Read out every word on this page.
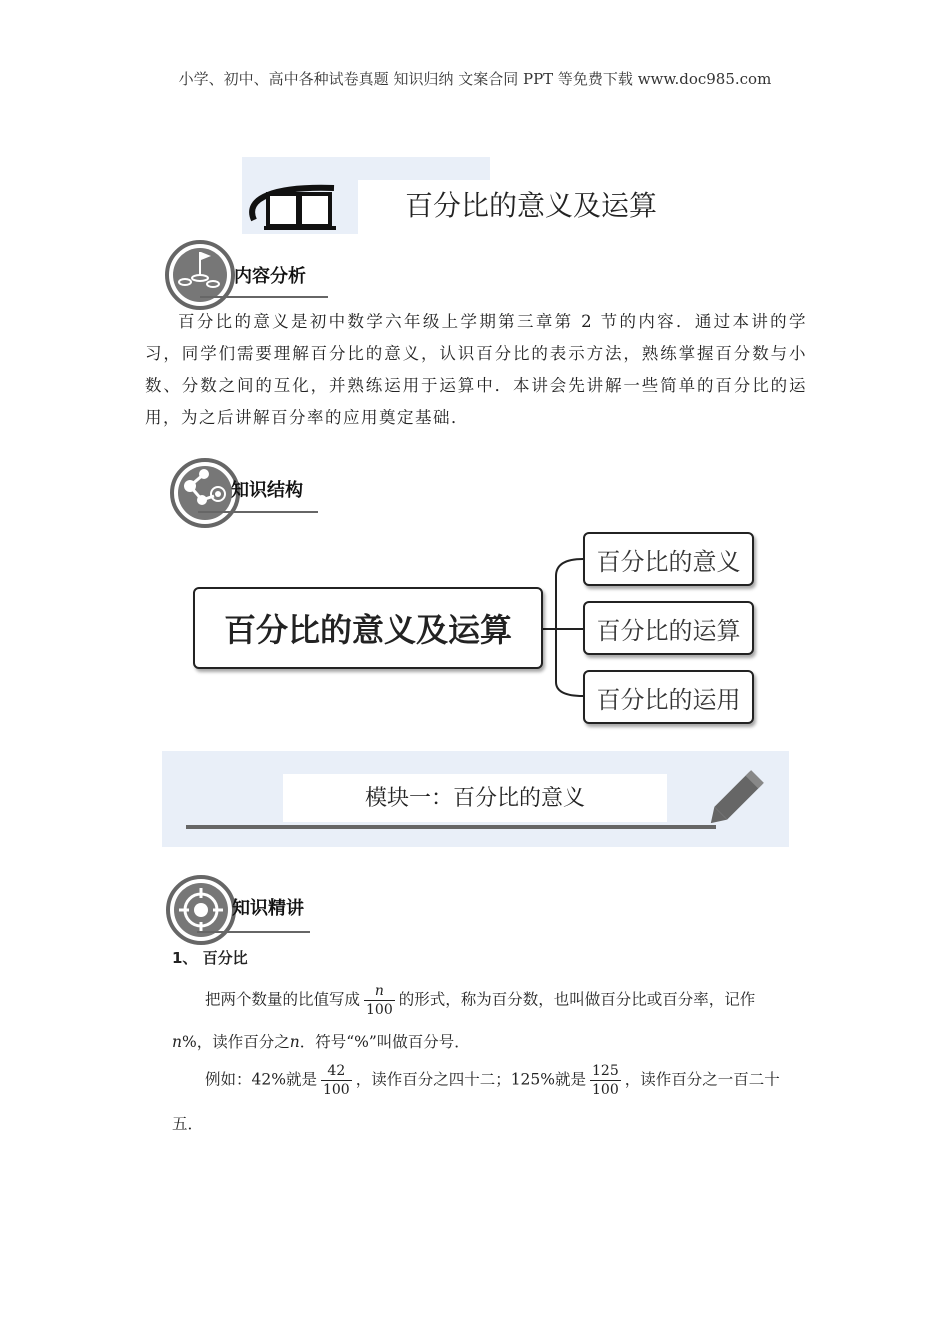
小学、初中、高中各种试卷真题 知识归纳 文案合同 PPT 等免费下载 www.doc985.com
百分比的意义及运算
内容分析
百分比的意义是初中数学六年级上学期第三章第 2 节的内容．通过本讲的学习，同学们需要理解百分比的意义，认识百分比的表示方法，熟练掌握百分数与小数、分数之间的互化，并熟练运用于运算中．本讲会先讲解一些简单的百分比的运用，为之后讲解百分率的应用奠定基础．
知识结构
百分比的意义及运算
百分比的意义
百分比的运算
百分比的运用
模块一：百分比的意义
知识精讲
1、 百分比
把两个数量的比值写成 $\frac{n}{100}$ 的形式，称为百分数，也叫做百分比或百分率，记作
n%，读作百分之n．符号“%”叫做百分号．
例如：42%就是 $\frac{42}{100}$ ，读作百分之四十二；125%就是 $\frac{125}{100}$ ，读作百分之一百二十
五．
